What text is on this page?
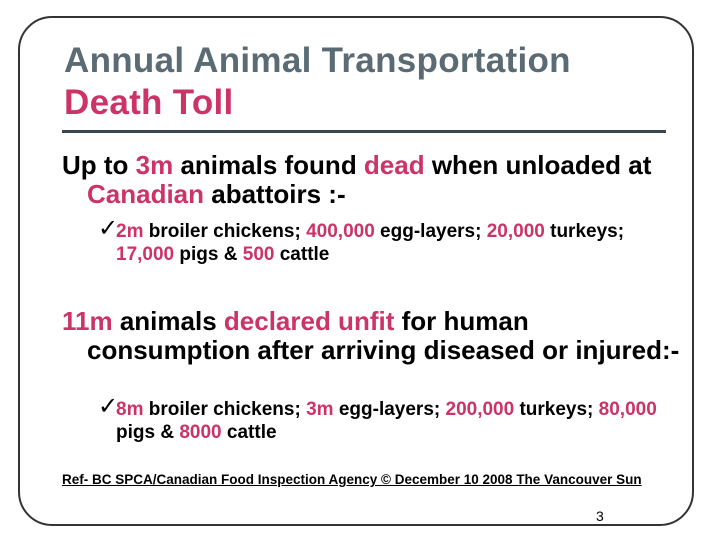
Annual Animal Transportation
Death Toll

Up to 3m animals found dead when unloaded at Canadian abattoirs :-

✓

2m broiler chickens; 400,000 egg-layers; 20,000 turkeys; 17,000 pigs & 500 cattle

11m animals declared unfit for human consumption after arriving diseased or injured:-

✓

8m broiler chickens; 3m egg-layers; 200,000 turkeys; 80,000 pigs & 8000 cattle

Ref- BC SPCA/Canadian Food Inspection Agency © December 10 2008 The Vancouver Sun

3
